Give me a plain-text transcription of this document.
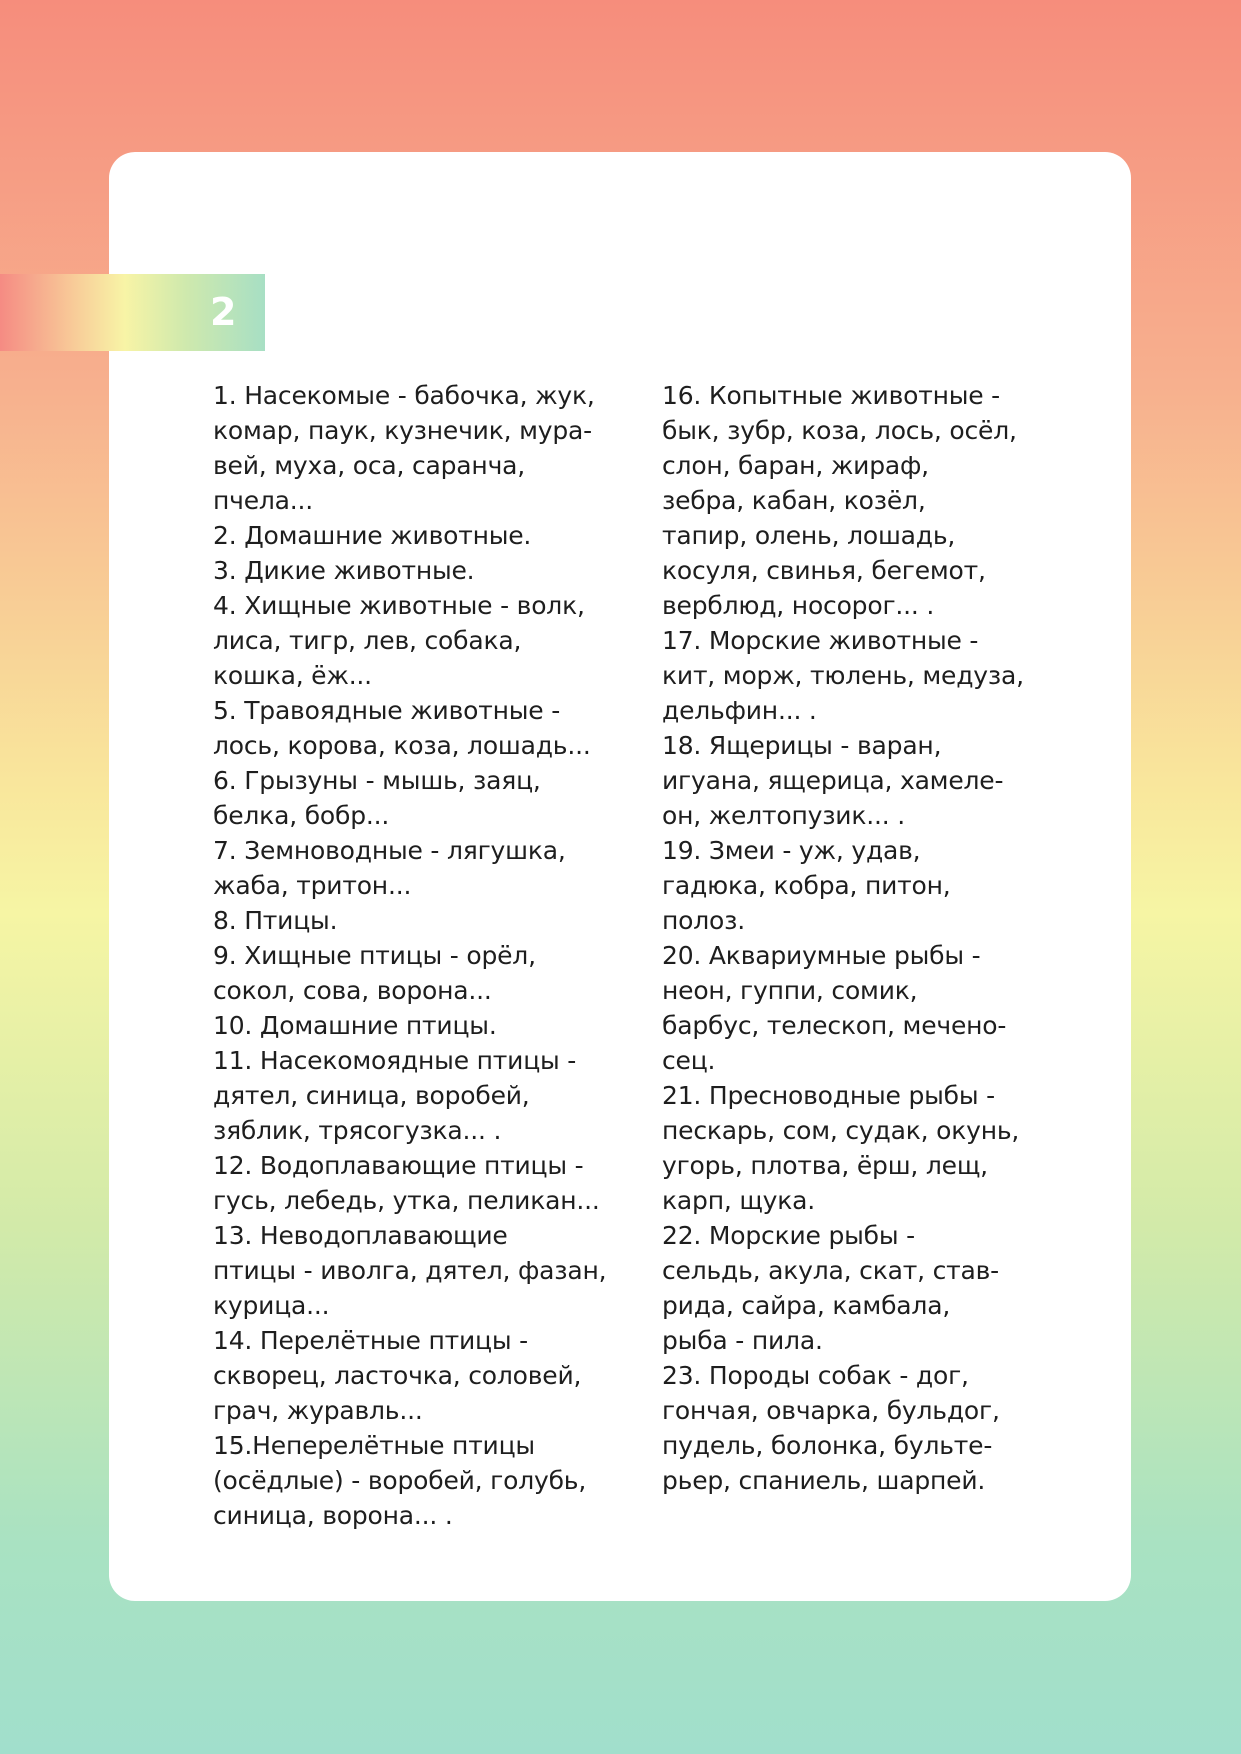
2
1. Насекомые - бабочка, жук,
комар, паук, кузнечик, мура-
вей, муха, оса, саранча,
пчела...
2. Домашние животные.
3. Дикие животные.
4. Хищные животные - волк,
лиса, тигр, лев, собака,
кошка, ёж...
5. Травоядные животные -
лось, корова, коза, лошадь...
6. Грызуны - мышь, заяц,
белка, бобр...
7. Земноводные - лягушка,
жаба, тритон...
8. Птицы.
9. Хищные птицы - орёл,
сокол, сова, ворона...
10. Домашние птицы.
11. Насекомоядные птицы -
дятел, синица, воробей,
зяблик, трясогузка... .
12. Водоплавающие птицы -
гусь, лебедь, утка, пеликан...
13. Неводоплавающие
птицы - иволга, дятел, фазан,
курица...
14. Перелётные птицы -
скворец, ласточка, соловей,
грач, журавль...
15.Неперелётные птицы
(осёдлые) - воробей, голубь,
синица, ворона... .
16. Копытные животные -
бык, зубр, коза, лось, осёл,
слон, баран, жираф,
зебра, кабан, козёл,
тапир, олень, лошадь,
косуля, свинья, бегемот,
верблюд, носорог... .
17. Морские животные -
кит, морж, тюлень, медуза,
дельфин... .
18. Ящерицы - варан,
игуана, ящерица, хамеле-
он, желтопузик... .
19. Змеи - уж, удав,
гадюка, кобра, питон,
полоз.
20. Аквариумные рыбы -
неон, гуппи, сомик,
барбус, телескоп, мечено-
сец.
21. Пресноводные рыбы -
пескарь, сом, судак, окунь,
угорь, плотва, ёрш, лещ,
карп, щука.
22. Морские рыбы -
сельдь, акула, скат, став-
рида, сайра, камбала,
рыба - пила.
23. Породы собак - дог,
гончая, овчарка, бульдог,
пудель, болонка, бульте-
рьер, спаниель, шарпей.
